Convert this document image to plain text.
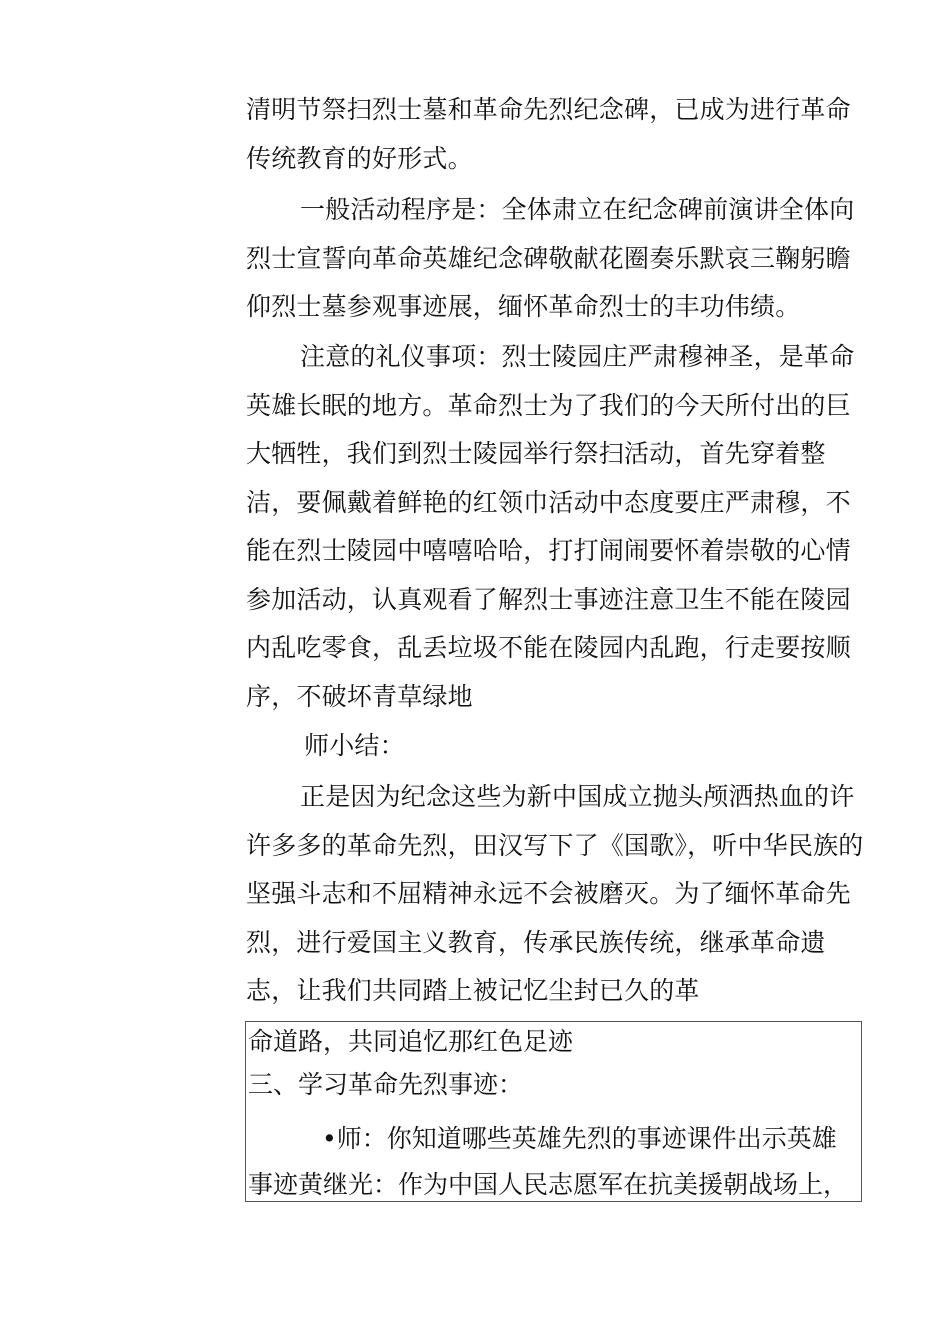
清明节祭扫烈士墓和革命先烈纪念碑，已成为进行革命传统教育的好形式。

一般活动程序是：全体肃立在纪念碑前演讲全体向烈士宣誓向革命英雄纪念碑敬献花圈奏乐默哀三鞠躬瞻仰烈士墓参观事迹展，缅怀革命烈士的丰功伟绩。

注意的礼仪事项：烈士陵园庄严肃穆神圣，是革命英雄长眠的地方。革命烈士为了我们的今天所付出的巨大牺牲，我们到烈士陵园举行祭扫活动，首先穿着整洁，要佩戴着鲜艳的红领巾活动中态度要庄严肃穆，不能在烈士陵园中嘻嘻哈哈，打打闹闹要怀着崇敬的心情参加活动，认真观看了解烈士事迹注意卫生不能在陵园内乱吃零食，乱丢垃圾不能在陵园内乱跑，行走要按顺序，不破坏青草绿地

师小结：

正是因为纪念这些为新中国成立抛头颅洒热血的许许多多的革命先烈，田汉写下了《国歌》，听中华民族的坚强斗志和不屈精神永远不会被磨灭。为了缅怀革命先烈，进行爱国主义教育，传承民族传统，继承革命遗志，让我们共同踏上被记忆尘封已久的革

命道路，共同追忆那红色足迹

三、学习革命先烈事迹：

•师：你知道哪些英雄先烈的事迹课件出示英雄

事迹黄继光：作为中国人民志愿军在抗美援朝战场上，
